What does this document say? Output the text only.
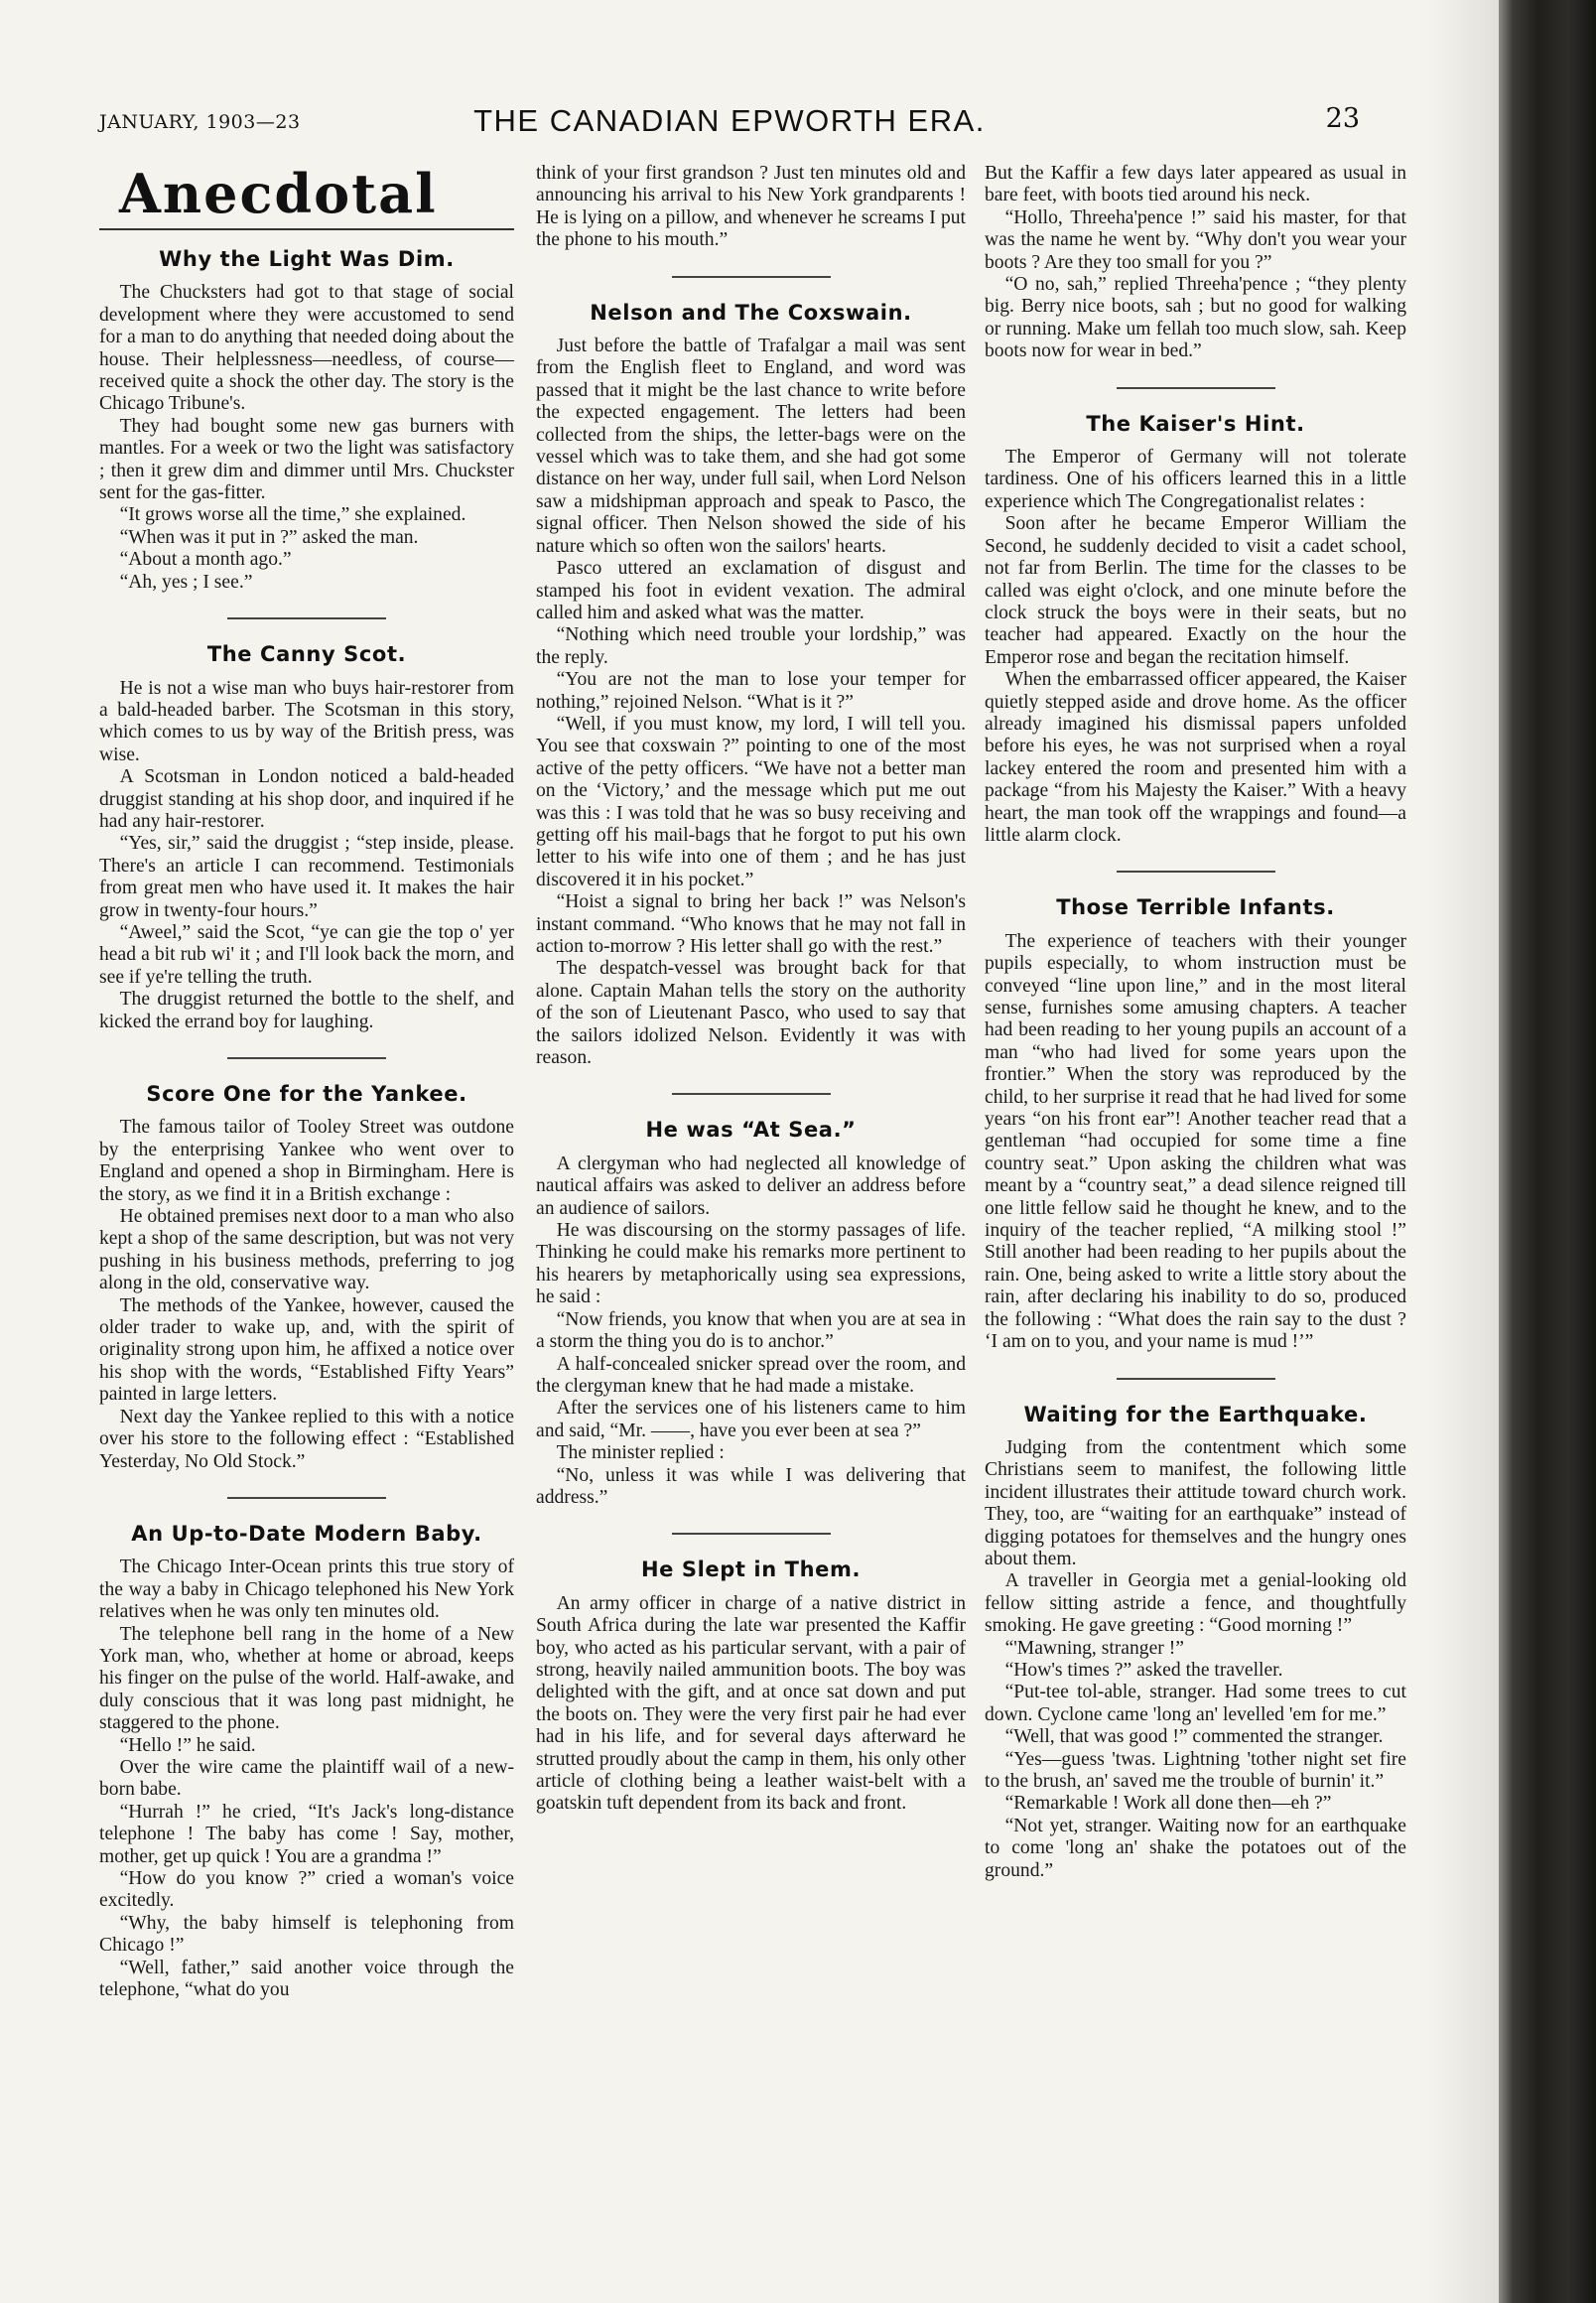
JANUARY, 1903—23	THE CANADIAN EPWORTH ERA.	23
Anecdotal
Why the Light Was Dim.

The Chucksters had got to that stage of social development where they were accustomed to send for a man to do anything that needed doing about the house. Their helplessness—needless, of course—received quite a shock the other day. The story is the Chicago Tribune's.

They had bought some new gas burners with mantles. For a week or two the light was satisfactory ; then it grew dim and dimmer until Mrs. Chuckster sent for the gas-fitter.

“It grows worse all the time,” she explained.

“When was it put in ?” asked the man.

“About a month ago.”

“Ah, yes ; I see.”

The Canny Scot.

He is not a wise man who buys hair-restorer from a bald-headed barber. The Scotsman in this story, which comes to us by way of the British press, was wise.

A Scotsman in London noticed a bald-headed druggist standing at his shop door, and inquired if he had any hair-restorer.

“Yes, sir,” said the druggist ; “step inside, please. There's an article I can recommend. Testimonials from great men who have used it. It makes the hair grow in twenty-four hours.”

“Aweel,” said the Scot, “ye can gie the top o' yer head a bit rub wi' it ; and I'll look back the morn, and see if ye're telling the truth.

The druggist returned the bottle to the shelf, and kicked the errand boy for laughing.

Score One for the Yankee.

The famous tailor of Tooley Street was outdone by the enterprising Yankee who went over to England and opened a shop in Birmingham. Here is the story, as we find it in a British exchange :

He obtained premises next door to a man who also kept a shop of the same description, but was not very pushing in his business methods, preferring to jog along in the old, conservative way.

The methods of the Yankee, however, caused the older trader to wake up, and, with the spirit of originality strong upon him, he affixed a notice over his shop with the words, “Established Fifty Years” painted in large letters.

Next day the Yankee replied to this with a notice over his store to the following effect : “Established Yesterday, No Old Stock.”

An Up-to-Date Modern Baby.

The Chicago Inter-Ocean prints this true story of the way a baby in Chicago telephoned his New York relatives when he was only ten minutes old.

The telephone bell rang in the home of a New York man, who, whether at home or abroad, keeps his finger on the pulse of the world. Half-awake, and duly conscious that it was long past midnight, he staggered to the phone.

“Hello !” he said.

Over the wire came the plaintiff wail of a new-born babe.

“Hurrah !” he cried, “It's Jack's long-distance telephone ! The baby has come ! Say, mother, mother, get up quick ! You are a grandma !”

“How do you know ?” cried a woman's voice excitedly.

“Why, the baby himself is telephoning from Chicago !”

“Well, father,” said another voice through the telephone, “what do you

think of your first grandson ? Just ten minutes old and announcing his arrival to his New York grandparents ! He is lying on a pillow, and whenever he screams I put the phone to his mouth.”

Nelson and The Coxswain.

Just before the battle of Trafalgar a mail was sent from the English fleet to England, and word was passed that it might be the last chance to write before the expected engagement. The letters had been collected from the ships, the letter-bags were on the vessel which was to take them, and she had got some distance on her way, under full sail, when Lord Nelson saw a midshipman approach and speak to Pasco, the signal officer. Then Nelson showed the side of his nature which so often won the sailors' hearts.

Pasco uttered an exclamation of disgust and stamped his foot in evident vexation. The admiral called him and asked what was the matter.

“Nothing which need trouble your lordship,” was the reply.

“You are not the man to lose your temper for nothing,” rejoined Nelson. “What is it ?”

“Well, if you must know, my lord, I will tell you. You see that coxswain ?” pointing to one of the most active of the petty officers. “We have not a better man on the ‘Victory,’ and the message which put me out was this : I was told that he was so busy receiving and getting off his mail-bags that he forgot to put his own letter to his wife into one of them ; and he has just discovered it in his pocket.”

“Hoist a signal to bring her back !” was Nelson's instant command. “Who knows that he may not fall in action to-morrow ? His letter shall go with the rest.”

The despatch-vessel was brought back for that alone. Captain Mahan tells the story on the authority of the son of Lieutenant Pasco, who used to say that the sailors idolized Nelson. Evidently it was with reason.

He was “At Sea.”

A clergyman who had neglected all knowledge of nautical affairs was asked to deliver an address before an audience of sailors.

He was discoursing on the stormy passages of life. Thinking he could make his remarks more pertinent to his hearers by metaphorically using sea expressions, he said :

“Now friends, you know that when you are at sea in a storm the thing you do is to anchor.”

A half-concealed snicker spread over the room, and the clergyman knew that he had made a mistake.

After the services one of his listeners came to him and said, “Mr. ——, have you ever been at sea ?”

The minister replied :

“No, unless it was while I was delivering that address.”

He Slept in Them.

An army officer in charge of a native district in South Africa during the late war presented the Kaffir boy, who acted as his particular servant, with a pair of strong, heavily nailed ammunition boots. The boy was delighted with the gift, and at once sat down and put the boots on. They were the very first pair he had ever had in his life, and for several days afterward he strutted proudly about the camp in them, his only other article of clothing being a leather waist-belt with a goatskin tuft dependent from its back and front.

But the Kaffir a few days later appeared as usual in bare feet, with boots tied around his neck.

“Hollo, Threeha'pence !” said his master, for that was the name he went by. “Why don't you wear your boots ? Are they too small for you ?”

“O no, sah,” replied Threeha'pence ; “they plenty big. Berry nice boots, sah ; but no good for walking or running. Make um fellah too much slow, sah. Keep boots now for wear in bed.”

The Kaiser's Hint.

The Emperor of Germany will not tolerate tardiness. One of his officers learned this in a little experience which The Congregationalist relates :

Soon after he became Emperor William the Second, he suddenly decided to visit a cadet school, not far from Berlin. The time for the classes to be called was eight o'clock, and one minute before the clock struck the boys were in their seats, but no teacher had appeared. Exactly on the hour the Emperor rose and began the recitation himself.

When the embarrassed officer appeared, the Kaiser quietly stepped aside and drove home. As the officer already imagined his dismissal papers unfolded before his eyes, he was not surprised when a royal lackey entered the room and presented him with a package “from his Majesty the Kaiser.” With a heavy heart, the man took off the wrappings and found—a little alarm clock.

Those Terrible Infants.

The experience of teachers with their younger pupils especially, to whom instruction must be conveyed “line upon line,” and in the most literal sense, furnishes some amusing chapters. A teacher had been reading to her young pupils an account of a man “who had lived for some years upon the frontier.” When the story was reproduced by the child, to her surprise it read that he had lived for some years “on his front ear”! Another teacher read that a gentleman “had occupied for some time a fine country seat.” Upon asking the children what was meant by a “country seat,” a dead silence reigned till one little fellow said he thought he knew, and to the inquiry of the teacher replied, “A milking stool !” Still another had been reading to her pupils about the rain. One, being asked to write a little story about the rain, after declaring his inability to do so, produced the following : “What does the rain say to the dust ? ‘I am on to you, and your name is mud !’”

Waiting for the Earthquake.

Judging from the contentment which some Christians seem to manifest, the following little incident illustrates their attitude toward church work. They, too, are “waiting for an earthquake” instead of digging potatoes for themselves and the hungry ones about them.

A traveller in Georgia met a genial-looking old fellow sitting astride a fence, and thoughtfully smoking. He gave greeting : “Good morning !”

“'Mawning, stranger !”

“How's times ?” asked the traveller.

“Put-tee tol-able, stranger. Had some trees to cut down. Cyclone came 'long an' levelled 'em for me.”

“Well, that was good !” commented the stranger.

“Yes—guess 'twas. Lightning 'tother night set fire to the brush, an' saved me the trouble of burnin' it.”

“Remarkable ! Work all done then—eh ?”

“Not yet, stranger. Waiting now for an earthquake to come 'long an' shake the potatoes out of the ground.”
